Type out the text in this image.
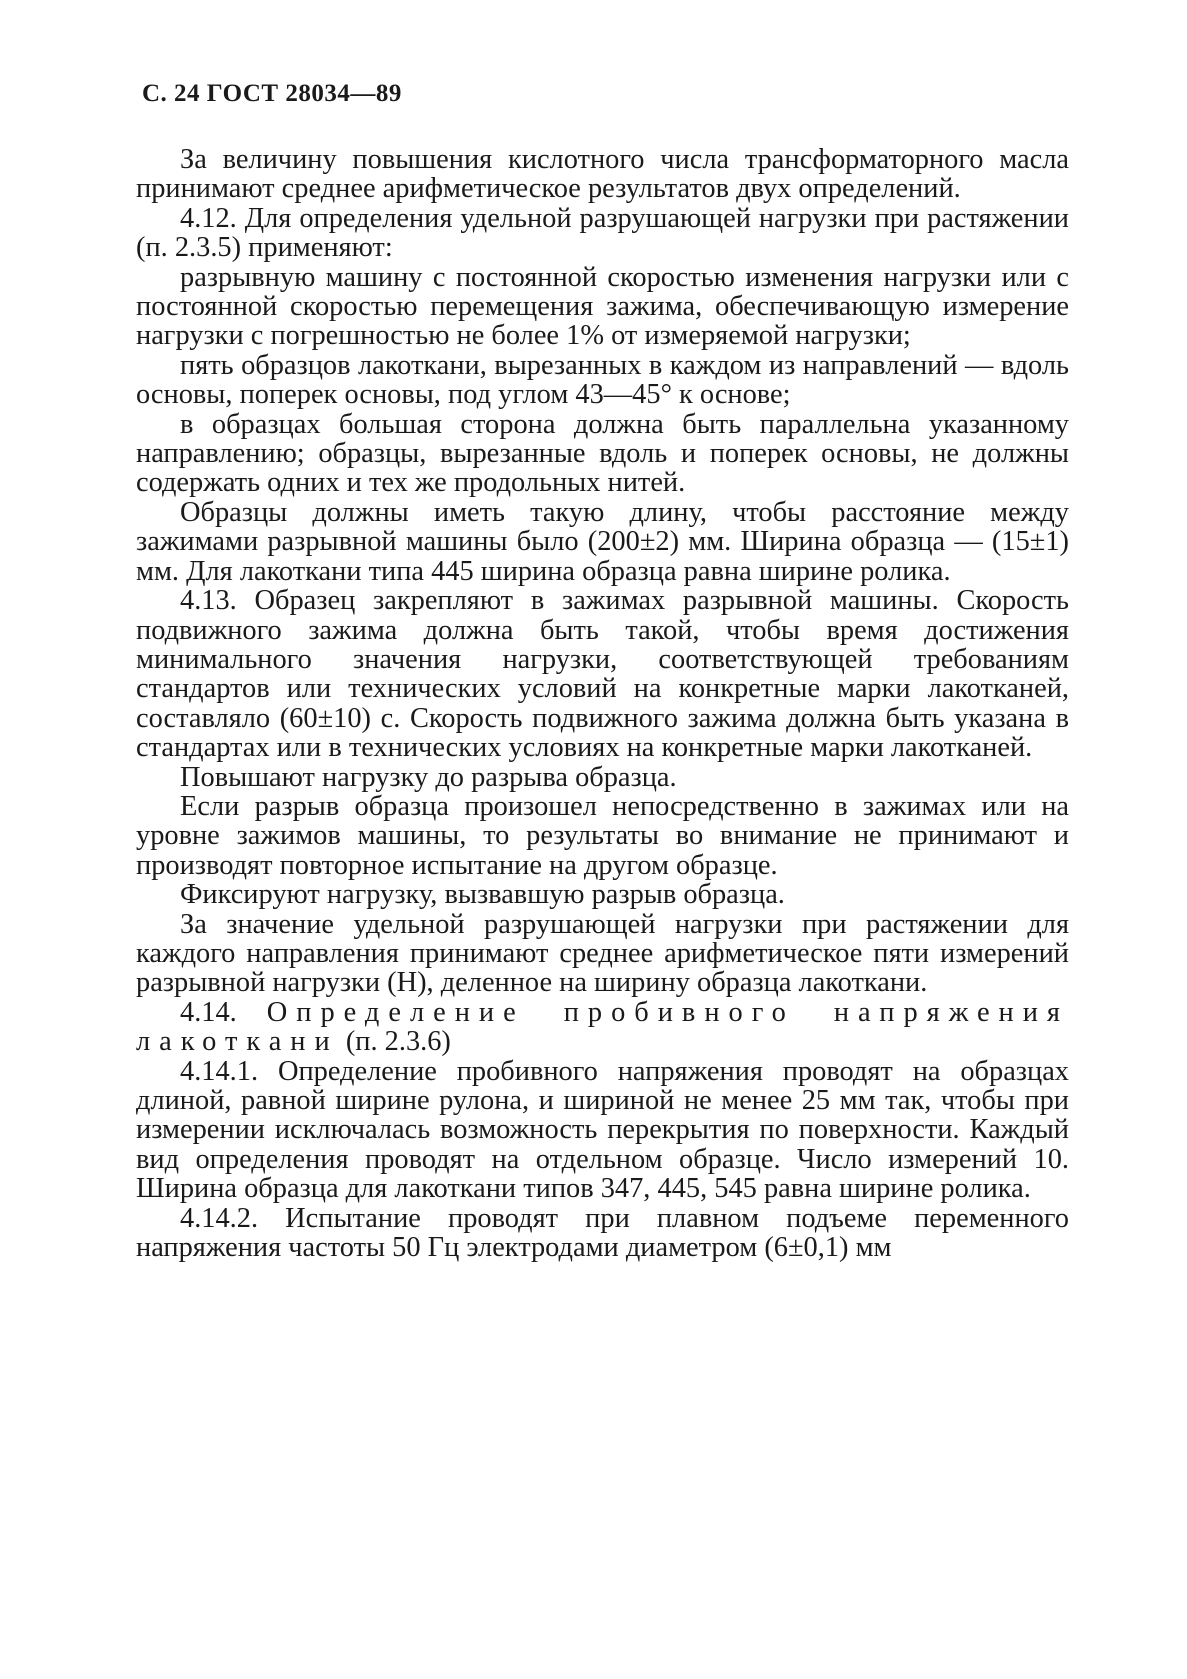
С. 24 ГОСТ 28034—89

За величину повышения кислотного числа трансформаторного масла принимают среднее арифметическое результатов двух определений.

4.12. Для определения удельной разрушающей нагрузки при растяжении (п. 2.3.5) применяют:

разрывную машину с постоянной скоростью изменения нагрузки или с постоянной скоростью перемещения зажима, обеспечивающую измерение нагрузки с погрешностью не более 1% от измеряемой нагрузки;

пять образцов лакоткани, вырезанных в каждом из направлений — вдоль основы, поперек основы, под углом 43—45° к основе;

в образцах большая сторона должна быть параллельна указанному направлению; образцы, вырезанные вдоль и поперек основы, не должны содержать одних и тех же продольных нитей.

Образцы должны иметь такую длину, чтобы расстояние между зажимами разрывной машины было (200±2) мм. Ширина образца — (15±1) мм. Для лакоткани типа 445 ширина образца равна ширине ролика.

4.13. Образец закрепляют в зажимах разрывной машины. Скорость подвижного зажима должна быть такой, чтобы время достижения минимального значения нагрузки, соответствующей требованиям стандартов или технических условий на конкретные марки лакотканей, составляло (60±10) с. Скорость подвижного зажима должна быть указана в стандартах или в технических условиях на конкретные марки лакотканей.

Повышают нагрузку до разрыва образца.

Если разрыв образца произошел непосредственно в зажимах или на уровне зажимов машины, то результаты во внимание не принимают и производят повторное испытание на другом образце.

Фиксируют нагрузку, вызвавшую разрыв образца.

За значение удельной разрушающей нагрузки при растяжении для каждого направления принимают среднее арифметическое пяти измерений разрывной нагрузки (Н), деленное на ширину образца лакоткани.

4.14. Определение пробивного напряжения лакоткани (п. 2.3.6)

4.14.1. Определение пробивного напряжения проводят на образцах длиной, равной ширине рулона, и шириной не менее 25 мм так, чтобы при измерении исключалась возможность перекрытия по поверхности. Каждый вид определения проводят на отдельном образце. Число измерений 10. Ширина образца для лакоткани типов 347, 445, 545 равна ширине ролика.

4.14.2. Испытание проводят при плавном подъеме переменного напряжения частоты 50 Гц электродами диаметром (6±0,1) мм
